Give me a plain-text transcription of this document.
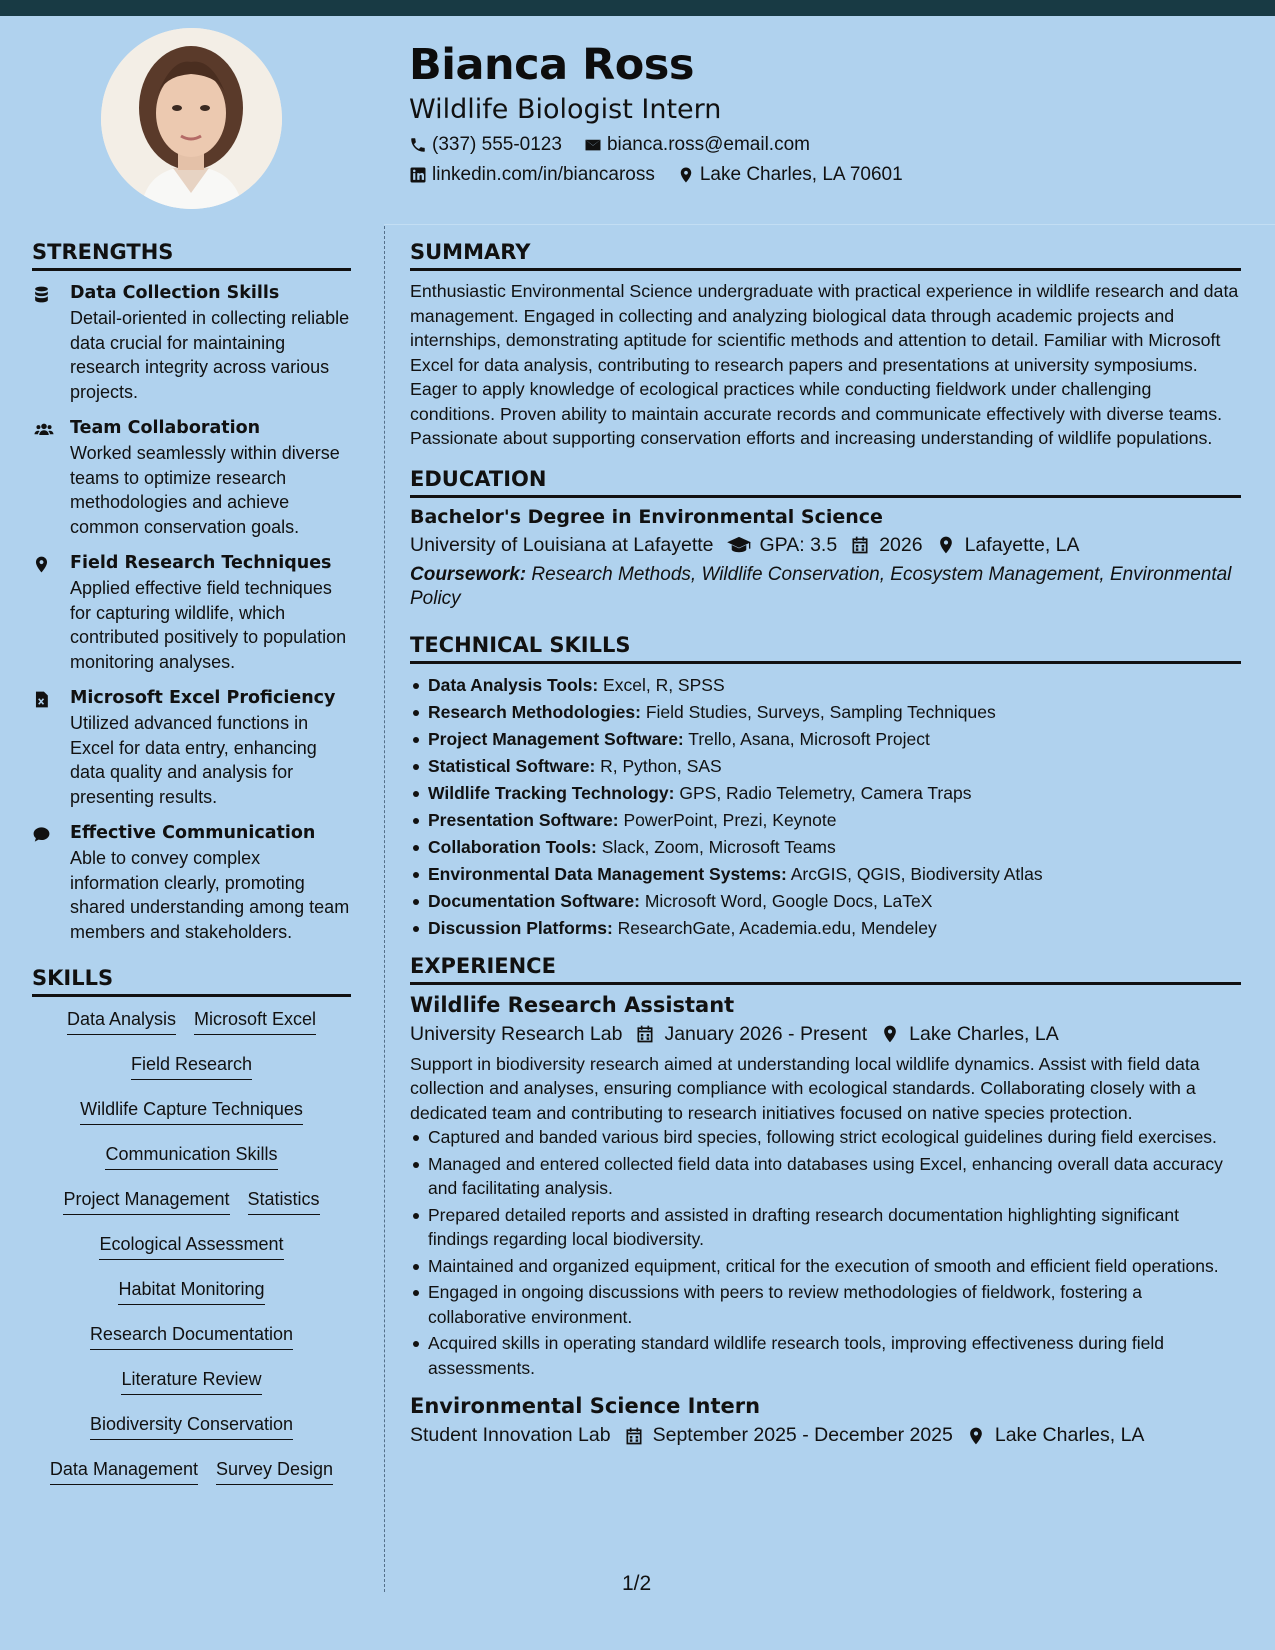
Bianca Ross
Wildlife Biologist Intern
(337) 555-0123 bianca.ross@email.com
linkedin.com/in/biancaross Lake Charles, LA 70601
STRENGTHS
Data Collection Skills
Detail-oriented in collecting reliable data crucial for maintaining research integrity across various projects.
Team Collaboration
Worked seamlessly within diverse teams to optimize research methodologies and achieve common conservation goals.
Field Research Techniques
Applied effective field techniques for capturing wildlife, which contributed positively to population monitoring analyses.
Microsoft Excel Proficiency
Utilized advanced functions in Excel for data entry, enhancing data quality and analysis for presenting results.
Effective Communication
Able to convey complex information clearly, promoting shared understanding among team members and stakeholders.
SKILLS
Data Analysis Microsoft Excel
Field Research
Wildlife Capture Techniques
Communication Skills
Project Management Statistics
Ecological Assessment
Habitat Monitoring
Research Documentation
Literature Review
Biodiversity Conservation
Data Management Survey Design
SUMMARY
Enthusiastic Environmental Science undergraduate with practical experience in wildlife research and data management. Engaged in collecting and analyzing biological data through academic projects and internships, demonstrating aptitude for scientific methods and attention to detail. Familiar with Microsoft Excel for data analysis, contributing to research papers and presentations at university symposiums. Eager to apply knowledge of ecological practices while conducting fieldwork under challenging conditions. Proven ability to maintain accurate records and communicate effectively with diverse teams. Passionate about supporting conservation efforts and increasing understanding of wildlife populations.
EDUCATION
Bachelor's Degree in Environmental Science
University of Louisiana at Lafayette GPA: 3.5 2026 Lafayette, LA
Coursework: Research Methods, Wildlife Conservation, Ecosystem Management, Environmental Policy
TECHNICAL SKILLS
Data Analysis Tools: Excel, R, SPSS
Research Methodologies: Field Studies, Surveys, Sampling Techniques
Project Management Software: Trello, Asana, Microsoft Project
Statistical Software: R, Python, SAS
Wildlife Tracking Technology: GPS, Radio Telemetry, Camera Traps
Presentation Software: PowerPoint, Prezi, Keynote
Collaboration Tools: Slack, Zoom, Microsoft Teams
Environmental Data Management Systems: ArcGIS, QGIS, Biodiversity Atlas
Documentation Software: Microsoft Word, Google Docs, LaTeX
Discussion Platforms: ResearchGate, Academia.edu, Mendeley
EXPERIENCE
Wildlife Research Assistant
University Research Lab January 2026 - Present Lake Charles, LA
Support in biodiversity research aimed at understanding local wildlife dynamics. Assist with field data collection and analyses, ensuring compliance with ecological standards. Collaborating closely with a dedicated team and contributing to research initiatives focused on native species protection.
Captured and banded various bird species, following strict ecological guidelines during field exercises.
Managed and entered collected field data into databases using Excel, enhancing overall data accuracy and facilitating analysis.
Prepared detailed reports and assisted in drafting research documentation highlighting significant findings regarding local biodiversity.
Maintained and organized equipment, critical for the execution of smooth and efficient field operations.
Engaged in ongoing discussions with peers to review methodologies of fieldwork, fostering a collaborative environment.
Acquired skills in operating standard wildlife research tools, improving effectiveness during field assessments.
Environmental Science Intern
Student Innovation Lab September 2025 - December 2025 Lake Charles, LA
1/2
